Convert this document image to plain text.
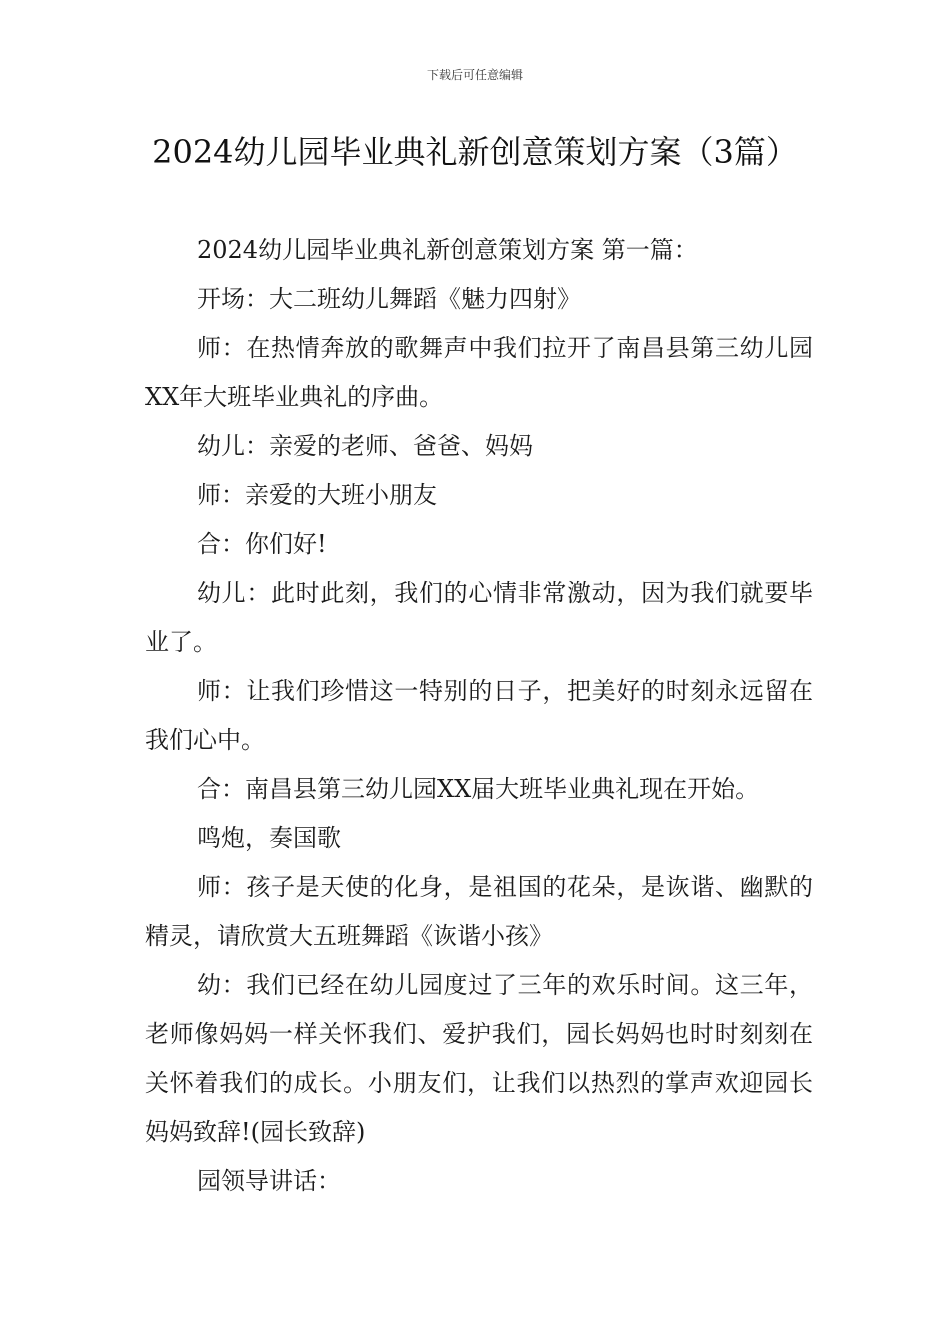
下载后可任意编辑
2024幼儿园毕业典礼新创意策划方案（3篇）

2024幼儿园毕业典礼新创意策划方案 第一篇：

开场：大二班幼儿舞蹈《魅力四射》

师：在热情奔放的歌舞声中我们拉开了南昌县第三幼儿园XX年大班毕业典礼的序曲。

幼儿：亲爱的老师、爸爸、妈妈

师：亲爱的大班小朋友

合：你们好!

幼儿：此时此刻，我们的心情非常激动，因为我们就要毕业了。

师：让我们珍惜这一特别的日子，把美好的时刻永远留在我们心中。

合：南昌县第三幼儿园XX届大班毕业典礼现在开始。

鸣炮，奏国歌

师：孩子是天使的化身，是祖国的花朵，是诙谐、幽默的精灵，请欣赏大五班舞蹈《诙谐小孩》

幼：我们已经在幼儿园度过了三年的欢乐时间。这三年，老师像妈妈一样关怀我们、爱护我们，园长妈妈也时时刻刻在关怀着我们的成长。小朋友们，让我们以热烈的掌声欢迎园长妈妈致辞!(园长致辞)

园领导讲话：
